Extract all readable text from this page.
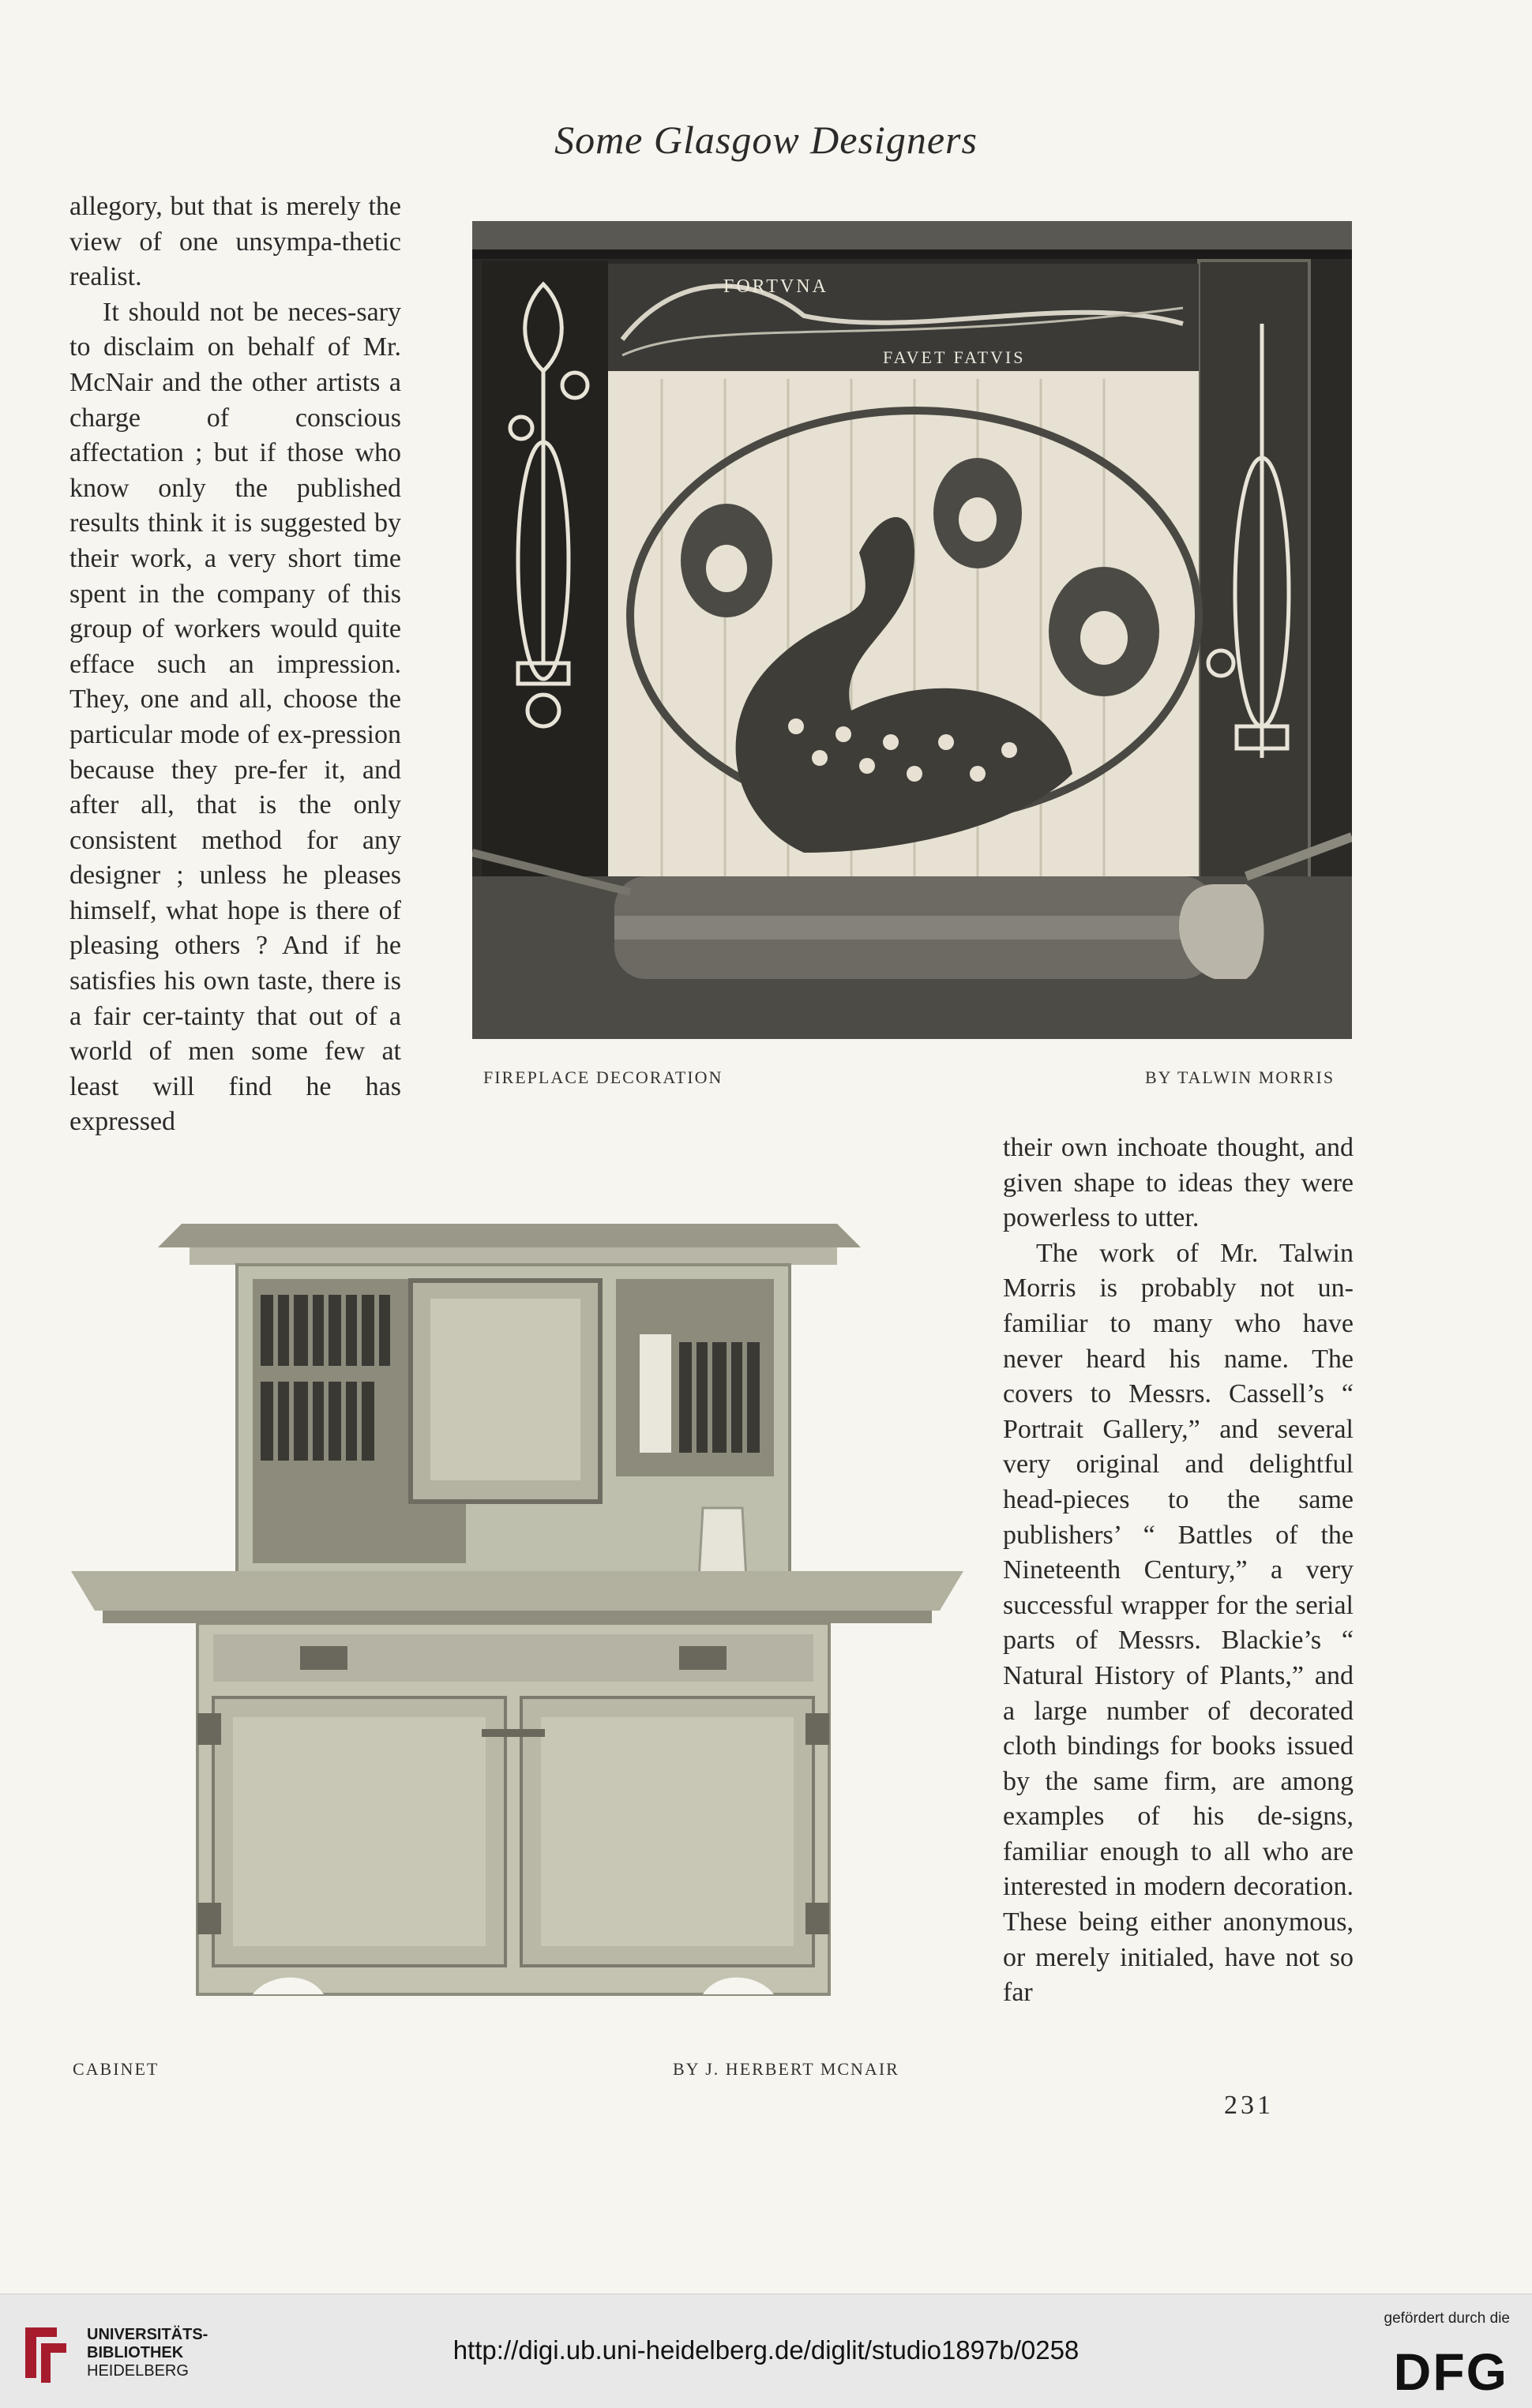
Some Glasgow Designers

allegory, but that is merely the view of one unsympa-thetic realist.

It should not be neces-sary to disclaim on behalf of Mr. McNair and the other artists a charge of conscious affectation ; but if those who know only the published results think it is suggested by their work, a very short time spent in the company of this group of workers would quite efface such an impression. They, one and all, choose the particular mode of ex-pression because they pre-fer it, and after all, that is the only consistent method for any designer ; unless he pleases himself, what hope is there of pleasing others ? And if he satisfies his own taste, there is a fair cer-tainty that out of a world of men some few at least will find he has expressed

FORTVNA
FAVET FATVIS
FIREPLACE DECORATION	BY TALWIN MORRIS

their own inchoate thought, and given shape to ideas they were powerless to utter.

The work of Mr. Talwin Morris is probably not un-familiar to many who have never heard his name. The covers to Messrs. Cassell’s “ Portrait Gallery,” and several very original and delightful head-pieces to the same publishers’ “ Battles of the Nineteenth Century,” a very successful wrapper for the serial parts of Messrs. Blackie’s “ Natural History of Plants,” and a large number of decorated cloth bindings for books issued by the same firm, are among examples of his de-signs, familiar enough to all who are interested in modern decoration. These being either anonymous, or merely initialed, have not so far

CABINET	BY J. HERBERT MCNAIR
231
UNIVERSITÄTS-
BIBLIOTHEK
HEIDELBERG
http://digi.ub.uni-heidelberg.de/diglit/studio1897b/0258
gefördert durch die
DFG
